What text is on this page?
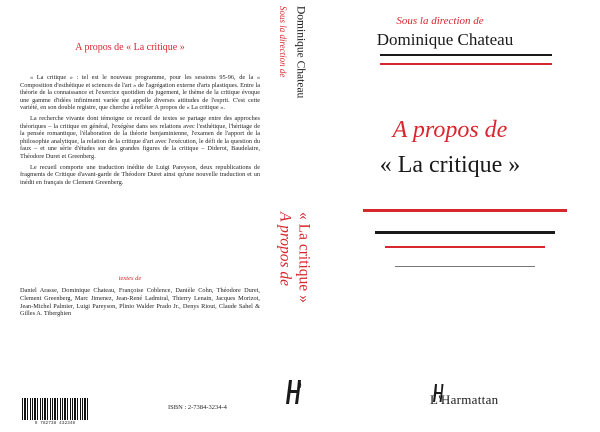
A propos de « La critique »

« La critique » : tel est le nouveau programme, pour les sessions 95-96, de la « Composition d'esthétique et sciences de l'art » de l'agrégation externe d'arts plastiques. Entre la théorie de la connaissance et l'exercice quotidien du jugement, le thème de la critique évoque une gamme d'idées infiniment variée qui appelle diverses attitudes de l'esprit. C'est cette variété, en son double registre, que cherche à refléter A propos de « La critique ».

La recherche vivante dont témoigne ce recueil de textes se partage entre des approches théoriques – la critique en général, l'exégèse dans ses relations avec l'esthétique, l'héritage de la pensée romantique, l'élaboration de la théorie benjaminienne, l'examen de l'apport de la philosophie analytique, la relation de la critique d'art avec l'exécution, le défi de la question du faux – et une série d'études sur des grandes figures de la critique – Diderot, Baudelaire, Théodore Duret et Greenberg.

Le recueil comporte une traduction inédite de Luigi Pareyson, deux republications de fragments de Critique d'avant-garde de Théodore Duret ainsi qu'une nouvelle traduction et un inédit en français de Clement Greenberg.

textes de
Daniel Arasse, Dominique Chateau, Françoise Coblence, Danièle Cohn, Théodore Duret, Clement Greenberg, Marc Jimenez, Jean-René Ladmiral, Thierry Lenain, Jacques Morizot, Jean-Michel Palmier, Luigi Pareyson, Plinio Walder Prado Jr., Denys Riout, Claude Sahel & Gilles A. Tiberghien
9 782738 432346
ISBN : 2-7384-3234-4
Sous la direction de Dominique Chateau
A propos de « La critique »
Sous la direction de
Dominique Chateau
A propos de
« La critique »
L'Harmattan
